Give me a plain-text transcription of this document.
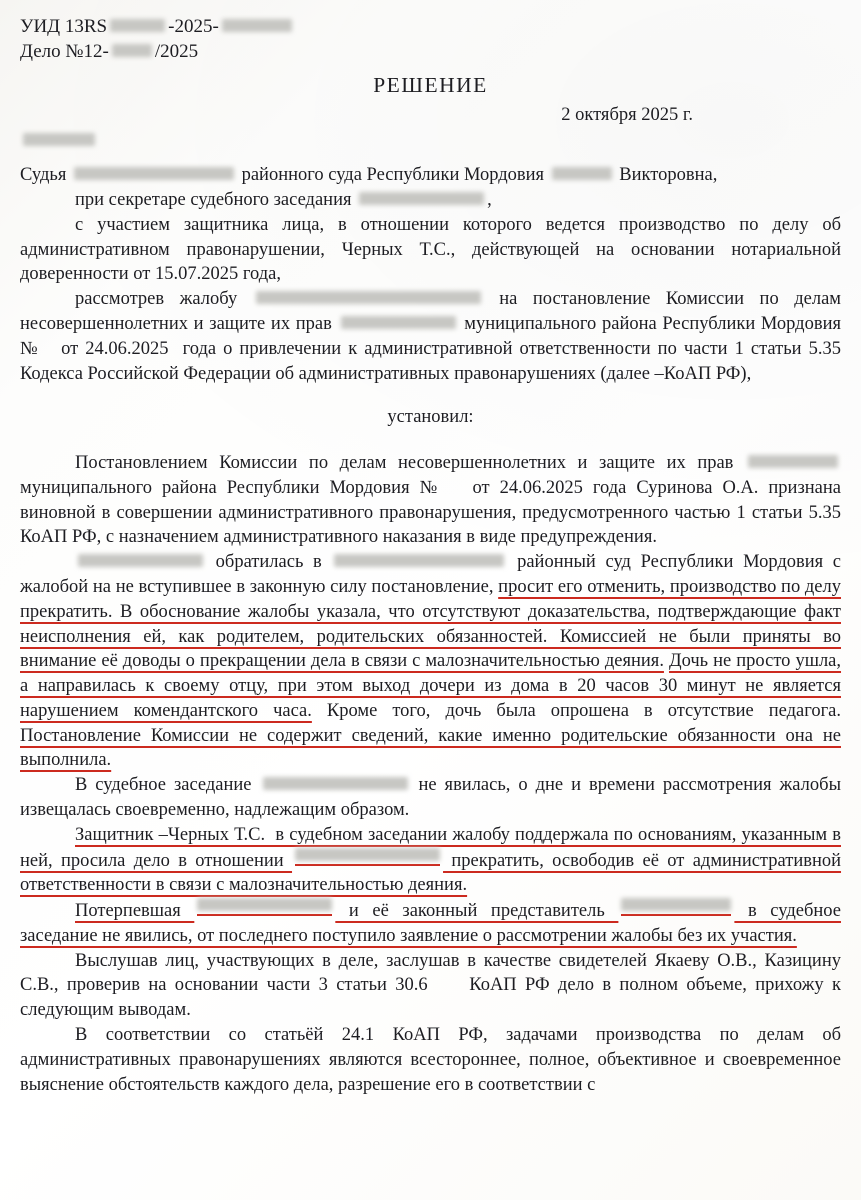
УИД 13RS	-2025-

Дело №12- /2025

РЕШЕНИЕ

2 октября 2025 г.

Судья	районного суда Республики Мордовия	Викторовна,

при секретаре судебного заседания	,

с участием защитника лица, в отношении которого ведется производство по делу об административном правонарушении, Черных Т.С., действующей на основании нотариальной доверенности от 15.07.2025 года,

рассмотрев жалобу	на постановление Комиссии по делам несовершеннолетних и защите их прав	муниципального района Республики Мордовия №   от 24.06.2025  года о привлечении к административной ответственности по части 1 статьи 5.35 Кодекса Российской Федерации об административных правонарушениях (далее –КоАП РФ),

установил:

Постановлением Комиссии по делам несовершеннолетних и защите их прав
муниципального района Республики Мордовия №   от 24.06.2025 года Суринова О.А. признана виновной в совершении административного правонарушения, предусмотренного частью 1 статьи 5.35 КоАП РФ, с назначением административного наказания в виде предупреждения.

обратилась в	районный суд Республики Мордовия с жалобой на не вступившее в законную силу постановление, просит его отменить, производство по делу прекратить. В обоснование жалобы указала, что отсутствуют доказательства, подтверждающие факт неисполнения ей, как родителем, родительских обязанностей. Комиссией не были приняты во внимание её доводы о прекращении дела в связи с малозначительностью деяния. Дочь не просто ушла, а направилась к своему отцу, при этом выход дочери из дома в 20 часов 30 минут не является нарушением комендантского часа. Кроме того, дочь была опрошена в отсутствие педагога. Постановление Комиссии не содержит сведений, какие именно родительские обязанности она не выполнила.

В судебное заседание	не явилась, о дне и времени рассмотрения жалобы извещалась своевременно, надлежащим образом.

Защитник –Черных Т.С.  в судебном заседании жалобу поддержала по основаниям, указанным в ней, просила дело в отношении	прекратить, освободив её от административной ответственности в связи с малозначительностью деяния.

Потерпевшая	и её законный представитель	в судебное заседание не явились, от последнего поступило заявление о рассмотрении жалобы без их участия.

Выслушав лиц, участвующих в деле, заслушав в качестве свидетелей Якаеву О.В., Казицину С.В., проверив на основании части 3 статьи 30.6     КоАП РФ дело в полном объеме, прихожу к следующим выводам.

В соответствии со статьёй 24.1 КоАП РФ, задачами производства по делам об административных правонарушениях являются всестороннее, полное, объективное и своевременное выяснение обстоятельств каждого дела, разрешение его в соответствии с
